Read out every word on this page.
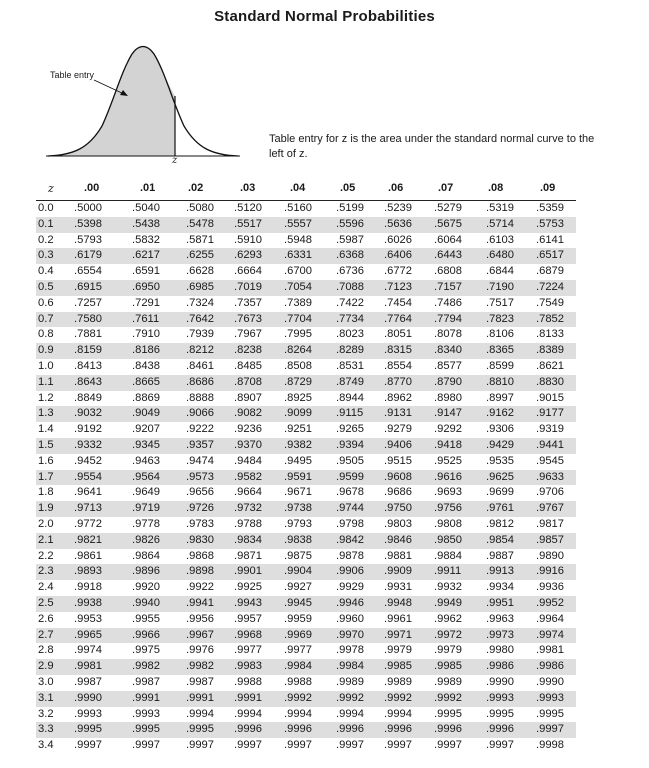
Standard Normal Probabilities
Table entry
z
Table entry for z is the area under the standard normal curve to the left of z.
z	.00	.01	.02	.03	.04	.05	.06	.07	.08	.09
0.0 .5000	.5040 .5080 .5120 .5160 .5199 .5239 .5279 .5319 .5359
0.1 .5398	.5438 .5478 .5517 .5557 .5596 .5636 .5675 .5714 .5753
0.2 .5793	.5832 .5871 .5910 .5948 .5987 .6026 .6064 .6103 .6141
0.3 .6179	.6217 .6255 .6293 .6331 .6368 .6406 .6443 .6480 .6517
0.4 .6554	.6591 .6628 .6664 .6700 .6736 .6772 .6808 .6844 .6879
0.5 .6915	.6950 .6985 .7019 .7054 .7088 .7123 .7157 .7190 .7224
0.6 .7257	.7291 .7324 .7357 .7389 .7422 .7454 .7486 .7517 .7549
0.7 .7580	.7611 .7642 .7673 .7704 .7734 .7764 .7794 .7823 .7852
0.8 .7881	.7910 .7939 .7967 .7995 .8023 .8051 .8078 .8106 .8133
0.9 .8159	.8186 .8212 .8238 .8264 .8289 .8315 .8340 .8365 .8389
1.0 .8413	.8438 .8461 .8485 .8508 .8531 .8554 .8577 .8599 .8621
1.1 .8643	.8665 .8686 .8708 .8729 .8749 .8770 .8790 .8810 .8830
1.2 .8849	.8869 .8888 .8907 .8925 .8944 .8962 .8980 .8997 .9015
1.3 .9032	.9049 .9066 .9082 .9099 .9115 .9131 .9147 .9162 .9177
1.4 .9192	.9207 .9222 .9236 .9251 .9265 .9279 .9292 .9306 .9319
1.5 .9332	.9345 .9357 .9370 .9382 .9394 .9406 .9418 .9429 .9441
1.6 .9452	.9463 .9474 .9484 .9495 .9505 .9515 .9525 .9535 .9545
1.7 .9554	.9564 .9573 .9582 .9591 .9599 .9608 .9616 .9625 .9633
1.8 .9641	.9649 .9656 .9664 .9671 .9678 .9686 .9693 .9699 .9706
1.9 .9713	.9719 .9726 .9732 .9738 .9744 .9750 .9756 .9761 .9767
2.0 .9772	.9778 .9783 .9788 .9793 .9798 .9803 .9808 .9812 .9817
2.1 .9821	.9826 .9830 .9834 .9838 .9842 .9846 .9850 .9854 .9857
2.2 .9861	.9864 .9868 .9871 .9875 .9878 .9881 .9884 .9887 .9890
2.3 .9893	.9896 .9898 .9901 .9904 .9906 .9909 .9911 .9913 .9916
2.4 .9918	.9920 .9922 .9925 .9927 .9929 .9931 .9932 .9934 .9936
2.5 .9938	.9940 .9941 .9943 .9945 .9946 .9948 .9949 .9951 .9952
2.6 .9953	.9955 .9956 .9957 .9959 .9960 .9961 .9962 .9963 .9964
2.7 .9965	.9966 .9967 .9968 .9969 .9970 .9971 .9972 .9973 .9974
2.8 .9974	.9975 .9976 .9977 .9977 .9978 .9979 .9979 .9980 .9981
2.9 .9981	.9982 .9982 .9983 .9984 .9984 .9985 .9985 .9986 .9986
3.0 .9987	.9987 .9987 .9988 .9988 .9989 .9989 .9989 .9990 .9990
3.1 .9990	.9991 .9991 .9991 .9992 .9992 .9992 .9992 .9993 .9993
3.2 .9993	.9993 .9994 .9994 .9994 .9994 .9994 .9995 .9995 .9995
3.3 .9995	.9995 .9995 .9996 .9996 .9996 .9996 .9996 .9996 .9997
3.4 .9997	.9997 .9997 .9997 .9997 .9997 .9997 .9997 .9997 .9998
